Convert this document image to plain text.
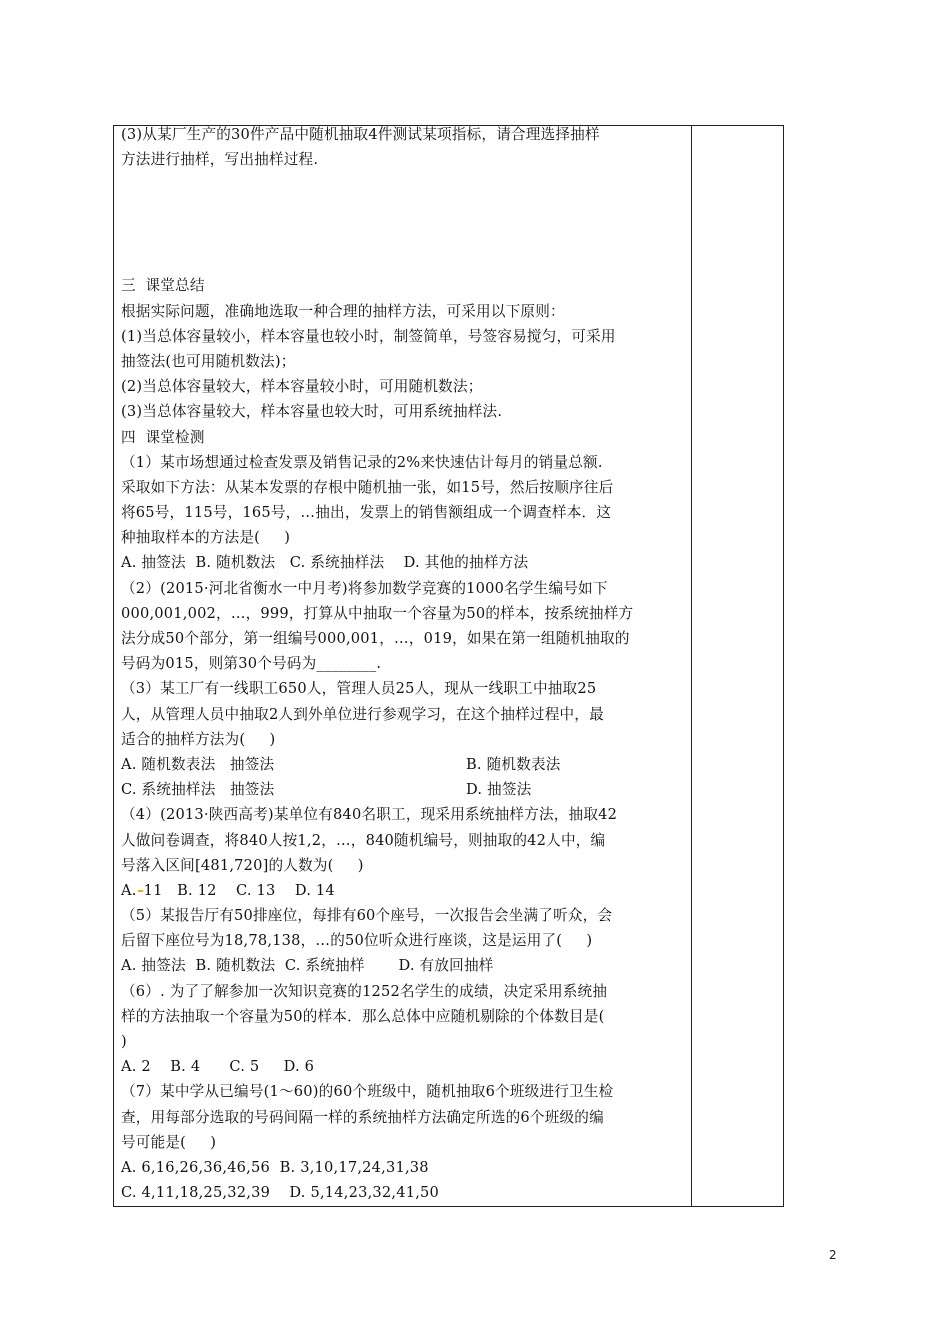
(3)从某厂生产的30件产品中随机抽取4件测试某项指标，请合理选择抽样
方法进行抽样，写出抽样过程.
三  课堂总结
根据实际问题，准确地选取一种合理的抽样方法，可采用以下原则：
(1)当总体容量较小，样本容量也较小时，制签简单，号签容易搅匀，可采用
抽签法(也可用随机数法)；
(2)当总体容量较大，样本容量较小时，可用随机数法；
(3)当总体容量较大，样本容量也较大时，可用系统抽样法.
四  课堂检测
（1）某市场想通过检查发票及销售记录的2%来快速估计每月的销量总额.
采取如下方法：从某本发票的存根中随机抽一张，如15号，然后按顺序往后
将65号，115号，165号，…抽出，发票上的销售额组成一个调查样本．这
种抽取样本的方法是(     )
A. 抽签法  B. 随机数法   C. 系统抽样法    D. 其他的抽样方法
（2）(2015·河北省衡水一中月考)将参加数学竞赛的1000名学生编号如下
000,001,002，…，999，打算从中抽取一个容量为50的样本，按系统抽样方
法分成50个部分，第一组编号000,001，…，019，如果在第一组随机抽取的
号码为015，则第30个号码为________.
（3）某工厂有一线职工650人，管理人员25人，现从一线职工中抽取25
人，从管理人员中抽取2人到外单位进行参观学习，在这个抽样过程中，最
适合的抽样方法为(     )
A. 随机数表法   抽签法	B. 随机数表法
C. 系统抽样法   抽签法	D. 抽签法
（4）(2013·陕西高考)某单位有840名职工，现采用系统抽样方法，抽取42
人做问卷调查，将840人按1,2，…，840随机编号，则抽取的42人中，编
号落入区间[481,720]的人数为(     )
A. 11   B. 12    C. 13    D. 14
（5）某报告厅有50排座位，每排有60个座号，一次报告会坐满了听众，会
后留下座位号为18,78,138，…的50位听众进行座谈，这是运用了(     )
A. 抽签法  B. 随机数法  C. 系统抽样       D. 有放回抽样
（6）. 为了了解参加一次知识竞赛的1252名学生的成绩，决定采用系统抽
样的方法抽取一个容量为50的样本．那么总体中应随机剔除的个体数目是(
)
A. 2    B. 4      C. 5     D. 6
（7）某中学从已编号(1～60)的60个班级中，随机抽取6个班级进行卫生检
查，用每部分选取的号码间隔一样的系统抽样方法确定所选的6个班级的编
号可能是(     )
A. 6,16,26,36,46,56  B. 3,10,17,24,31,38
C. 4,11,18,25,32,39    D. 5,14,23,32,41,50
2
